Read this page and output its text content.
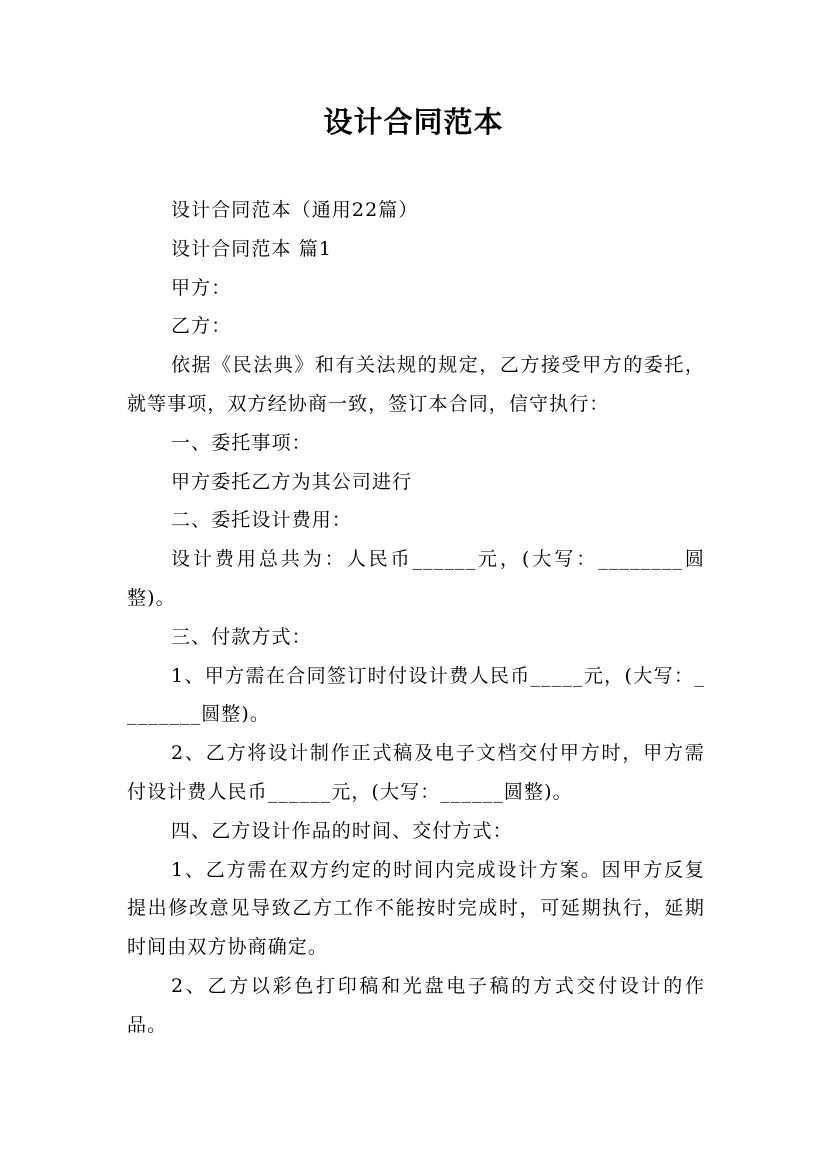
设计合同范本

设计合同范本（通用22篇）

设计合同范本 篇1

甲方：

乙方：

依据《民法典》和有关法规的规定，乙方接受甲方的委托，就等事项，双方经协商一致，签订本合同，信守执行：

一、委托事项：

甲方委托乙方为其公司进行

二、委托设计费用：

设计费用总共为：人民币______元，(大写：________圆整)。

三、付款方式：

1、甲方需在合同签订时付设计费人民币_____元，(大写：________圆整)。

2、乙方将设计制作正式稿及电子文档交付甲方时，甲方需付设计费人民币______元，(大写：______圆整)。

四、乙方设计作品的时间、交付方式：

1、乙方需在双方约定的时间内完成设计方案。因甲方反复提出修改意见导致乙方工作不能按时完成时，可延期执行，延期时间由双方协商确定。

2、乙方以彩色打印稿和光盘电子稿的方式交付设计的作品。
